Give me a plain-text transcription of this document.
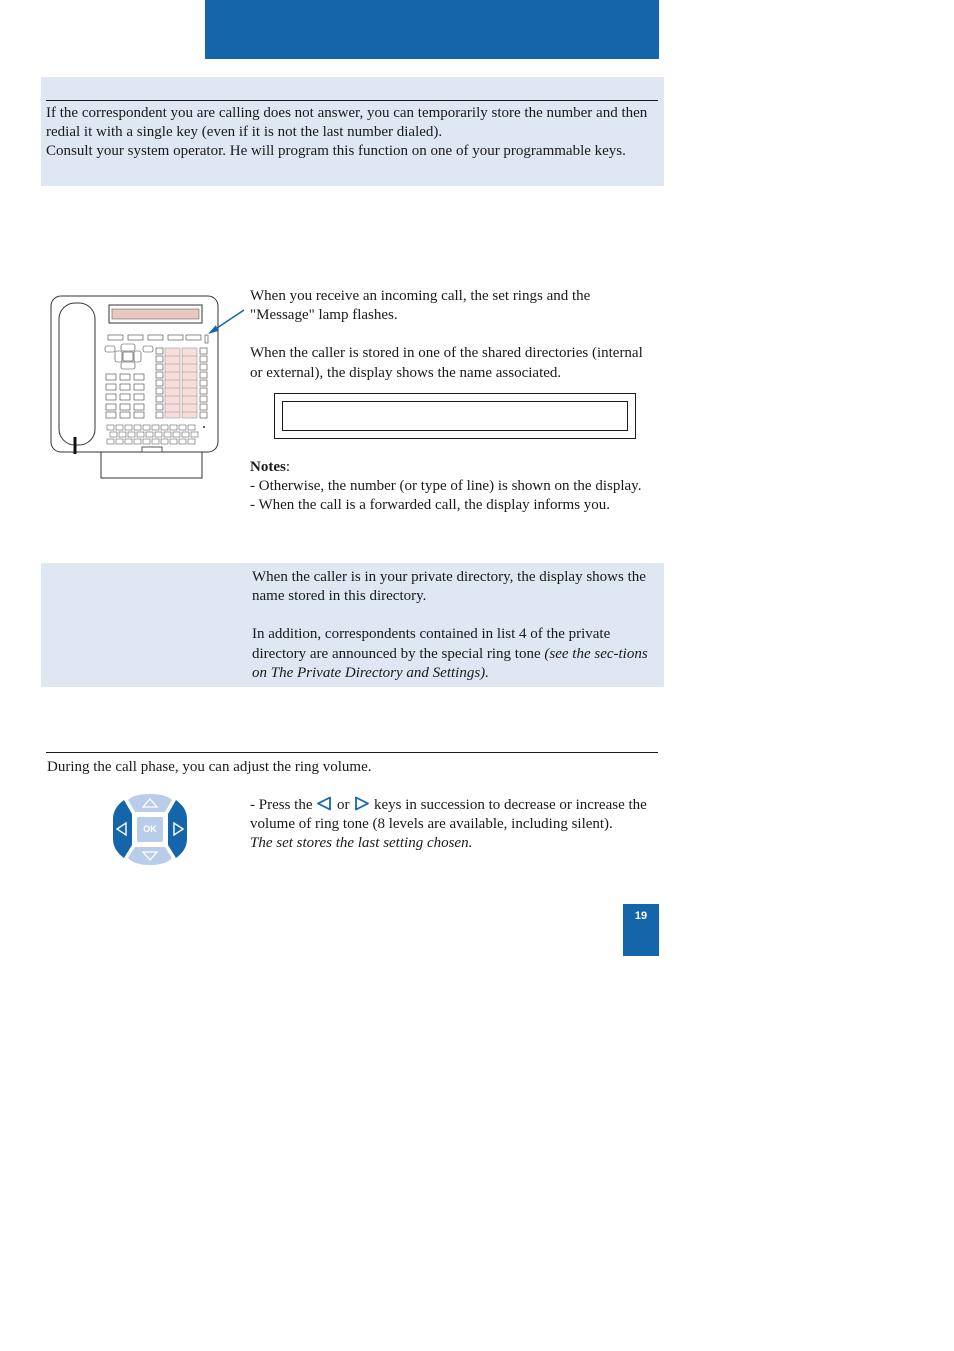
If the correspondent you are calling does not answer, you can temporarily store the number and then redial it with a single key (even if it is not the last number dialed).

Consult your system operator. He will program this function on one of your programmable keys.

When you receive an incoming call, the set rings and the "Message" lamp flashes.

When the caller is stored in one of the shared directories (internal or external), the display shows the name associated.

Notes:

- Otherwise, the number (or type of line) is shown on the display.

- When the call is a forwarded call, the display informs you.

When the caller is in your private directory, the display shows the name stored in this directory.

In addition, correspondents contained in list 4 of the private directory are announced by the special ring tone (see the sec-tions on The Private Directory and Settings).

During the call phase, you can adjust the ring volume.
OK

- Press the or keys in succession to decrease or increase the volume of ring tone (8 levels are available, including silent).

The set stores the last setting chosen.

19
